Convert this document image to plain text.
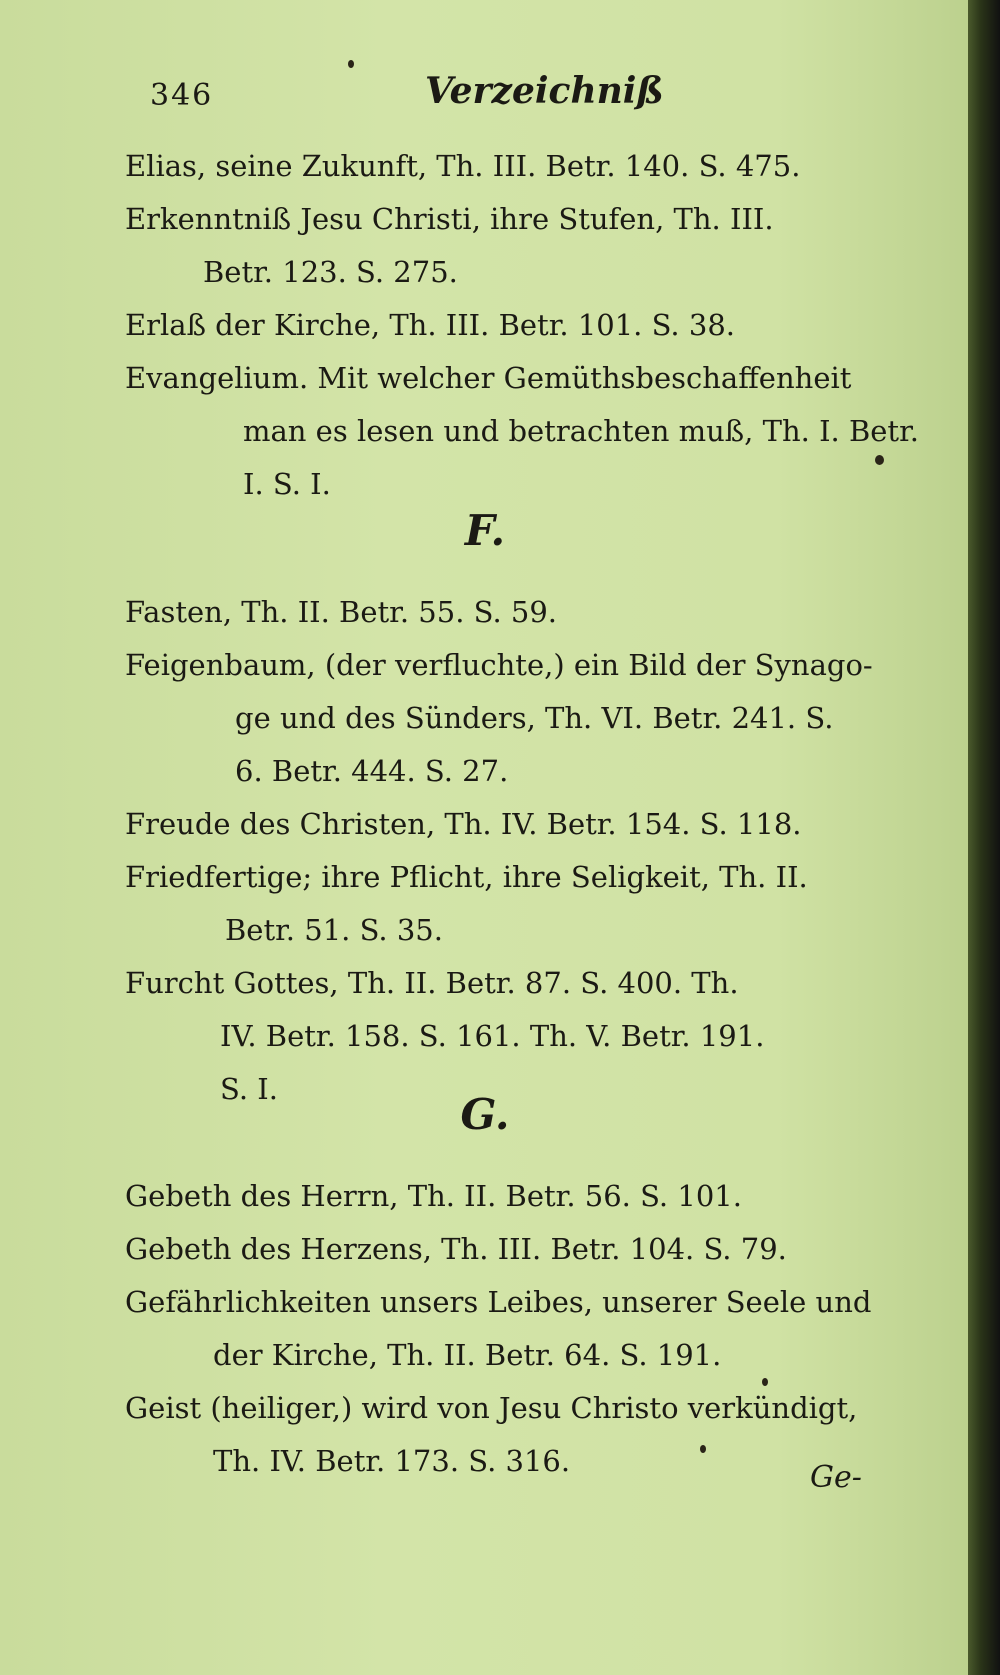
346	Verzeichniß
Elias, seine Zukunft, Th. III. Betr. 140. S. 475.
Erkenntniß Jesu Christi, ihre Stufen, Th. III.
Betr. 123. S. 275.
Erlaß der Kirche, Th. III. Betr. 101. S. 38.
Evangelium. Mit welcher Gemüthsbeschaffenheit
man es lesen und betrachten muß, Th. I. Betr.
I. S. I.
F.
Fasten, Th. II. Betr. 55. S. 59.
Feigenbaum, (der verfluchte,) ein Bild der Synago-
ge und des Sünders, Th. VI. Betr. 241. S.
6. Betr. 444. S. 27.
Freude des Christen, Th. IV. Betr. 154. S. 118.
Friedfertige; ihre Pflicht, ihre Seligkeit, Th. II.
Betr. 51. S. 35.
Furcht Gottes, Th. II. Betr. 87. S. 400. Th.
IV. Betr. 158. S. 161. Th. V. Betr. 191.
S. I.
G.
Gebeth des Herrn, Th. II. Betr. 56. S. 101.
Gebeth des Herzens, Th. III. Betr. 104. S. 79.
Gefährlichkeiten unsers Leibes, unserer Seele und
der Kirche, Th. II. Betr. 64. S. 191.
Geist (heiliger,) wird von Jesu Christo verkündigt,
Th. IV. Betr. 173. S. 316.	Ge-
